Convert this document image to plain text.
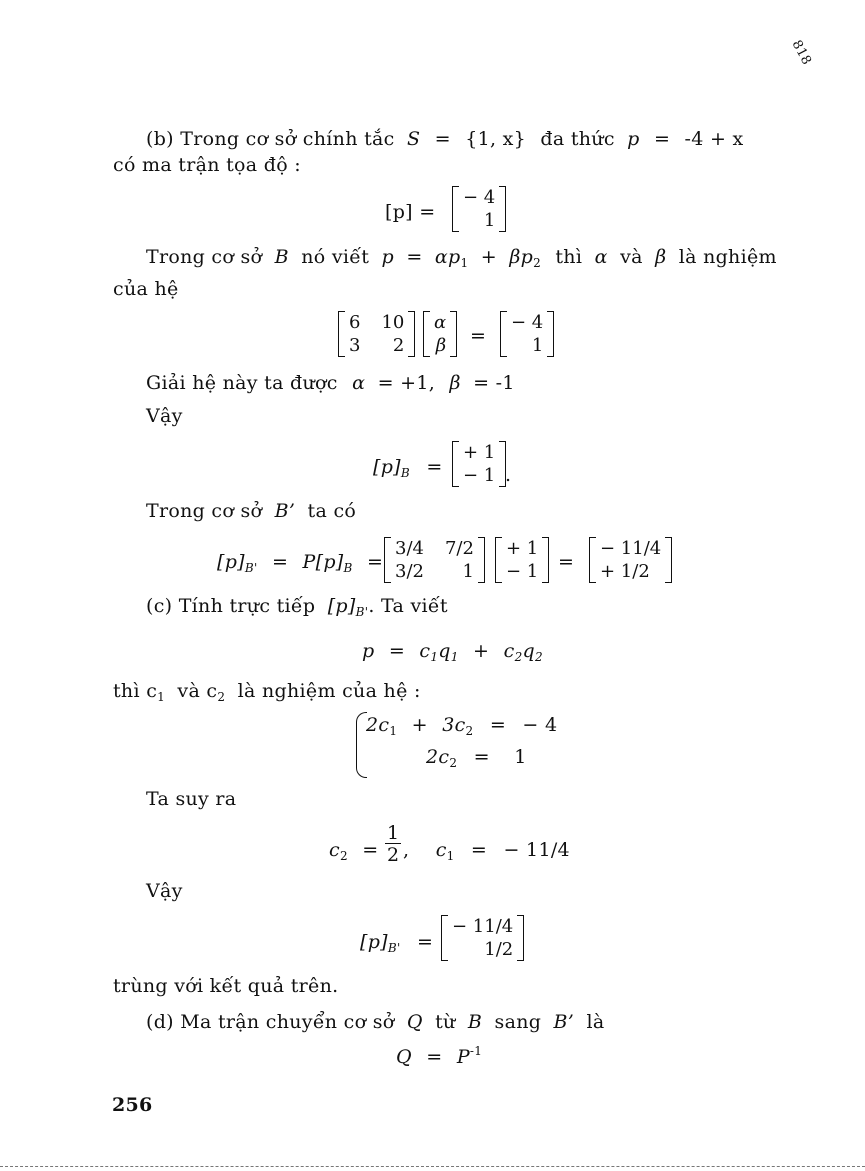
818
(b) Trong cơ sở chính tắc S = {1, x} đa thức p = -4 + x
có ma trận tọa độ :
[p] =
− 4
1
Trong cơ sở B nó viết $p = \alpha p_1 + \beta p_2$ thì α và β là nghiệm
của hệ
6	10
3	2
α
β =
− 4
1
Giải hệ này ta được α = +1, β = -1
Vậy
$[p]_B$ =
+ 1
− 1 .
Trong cơ sở B’ ta có
$[p]_{B'} = P[p]_B$ =
3/4	7/2
3/2	1
+ 1
− 1 =
− 11/4
+ 1/2
(c) Tính trực tiếp $[p]_{B'}$. Ta viết
$p = c_1q_1 + c_2q_2$
thì $c_1$ và $c_2$ là nghiệm của hệ :
$2c_1 + 3c_2$ = − 4
$2c_2 = 1$
Ta suy ra
$c_2 = \frac{1}{2}$ , $c_1$ = − 11/4
Vậy
$[p]_{B'}$ =
− 11/4
1/2
trùng với kết quả trên.
(d) Ma trận chuyển cơ sở Q từ B sang B’ là
$Q = P^{-1}$
256
